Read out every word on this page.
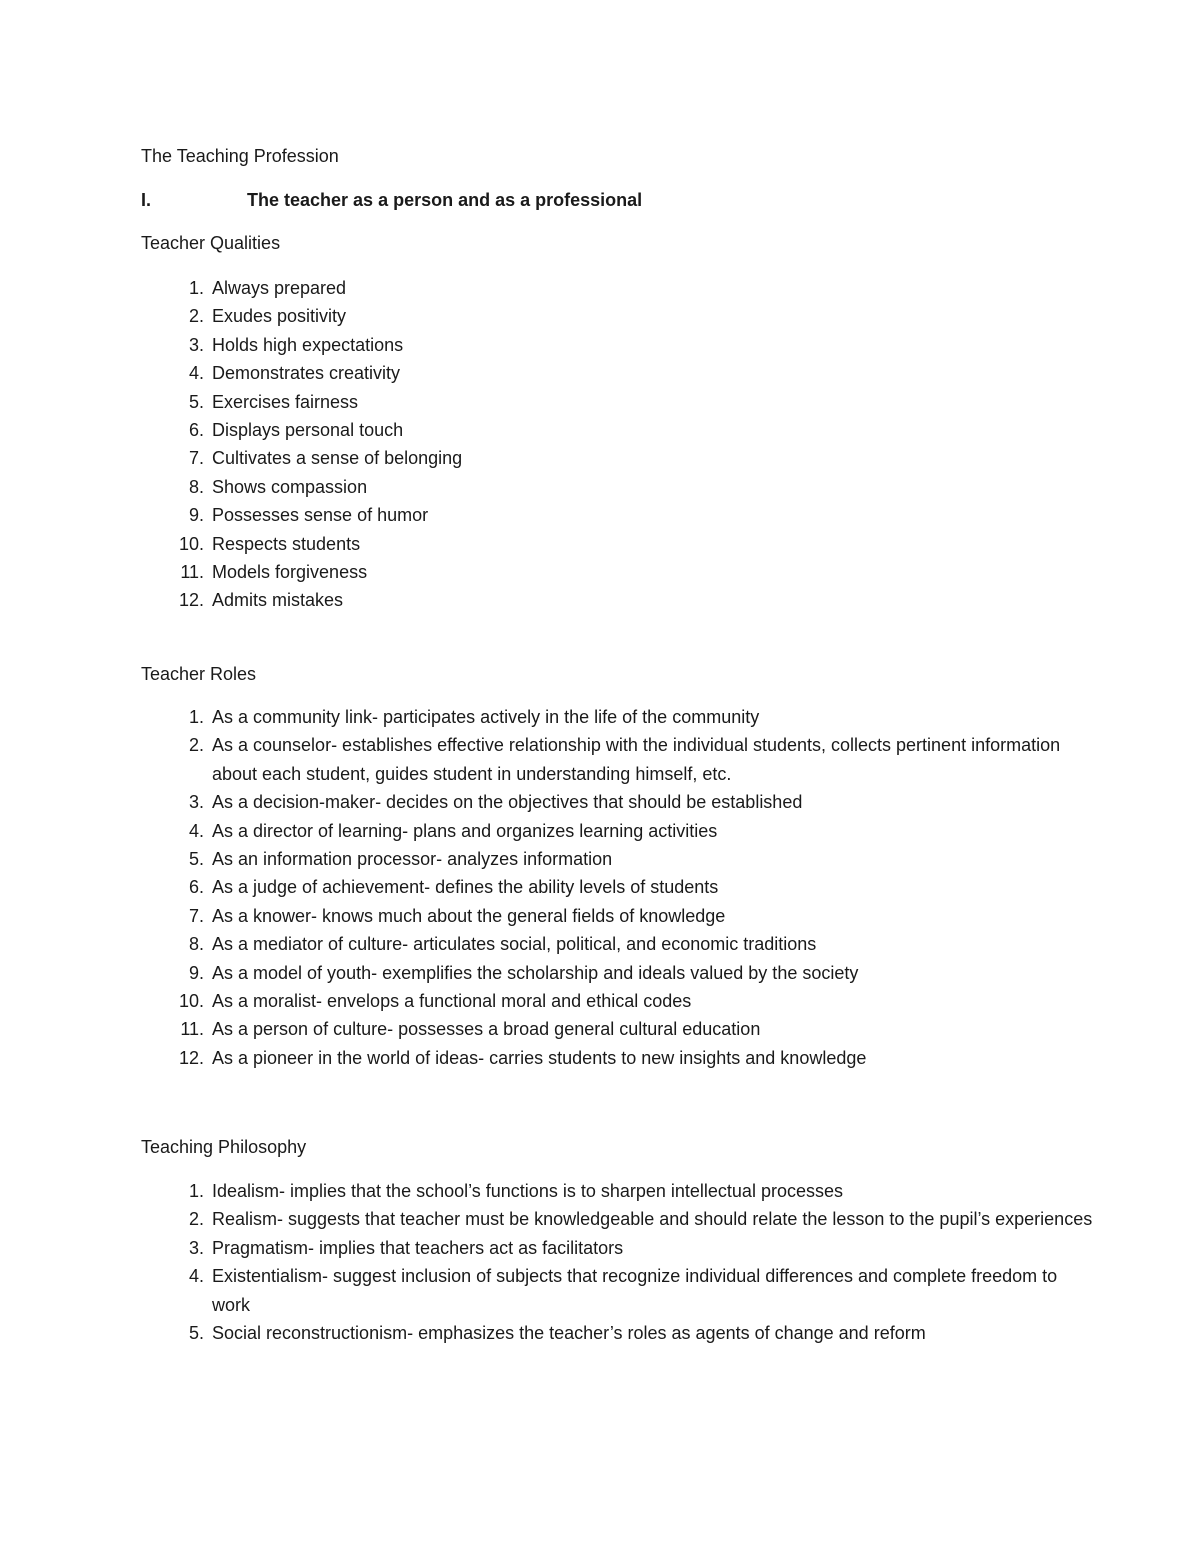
The Teaching Profession
I.	The teacher as a person and as a professional
Teacher Qualities
1. Always prepared
2. Exudes positivity
3. Holds high expectations
4. Demonstrates creativity
5. Exercises fairness
6. Displays personal touch
7. Cultivates a sense of belonging
8. Shows compassion
9. Possesses sense of humor
10. Respects students
11. Models forgiveness
12. Admits mistakes
Teacher Roles
1. As a community link- participates actively in the life of the community
2. As a counselor- establishes effective relationship with the individual students, collects pertinent information about each student, guides student in understanding himself, etc.
3. As a decision-maker- decides on the objectives that should be established
4. As a director of learning- plans and organizes learning activities
5. As an information processor- analyzes information
6. As a judge of achievement- defines the ability levels of students
7. As a knower- knows much about the general fields of knowledge
8. As a mediator of culture- articulates social, political, and economic traditions
9. As a model of youth- exemplifies the scholarship and ideals valued by the society
10. As a moralist- envelops a functional moral and ethical codes
11. As a person of culture- possesses a broad general cultural education
12. As a pioneer in the world of ideas- carries students to new insights and knowledge
Teaching Philosophy
1. Idealism- implies that the school’s functions is to sharpen intellectual processes
2. Realism- suggests that teacher must be knowledgeable and should relate the lesson to the pupil’s experiences
3. Pragmatism- implies that teachers act as facilitators
4. Existentialism- suggest inclusion of subjects that recognize individual differences and complete freedom to work
5. Social reconstructionism- emphasizes the teacher’s roles as agents of change and reform
